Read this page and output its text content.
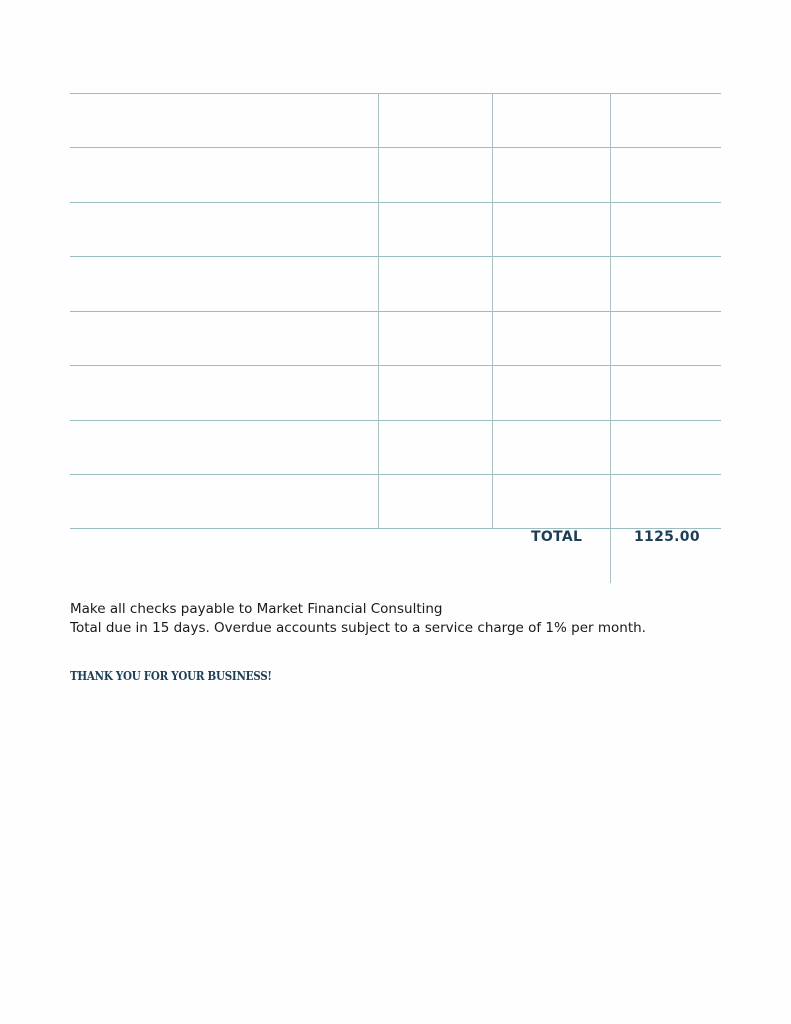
TOTAL	1125.00
Make all checks payable to Market Financial Consulting
Total due in 15 days. Overdue accounts subject to a service charge of 1% per month.
THANK YOU FOR YOUR BUSINESS!
